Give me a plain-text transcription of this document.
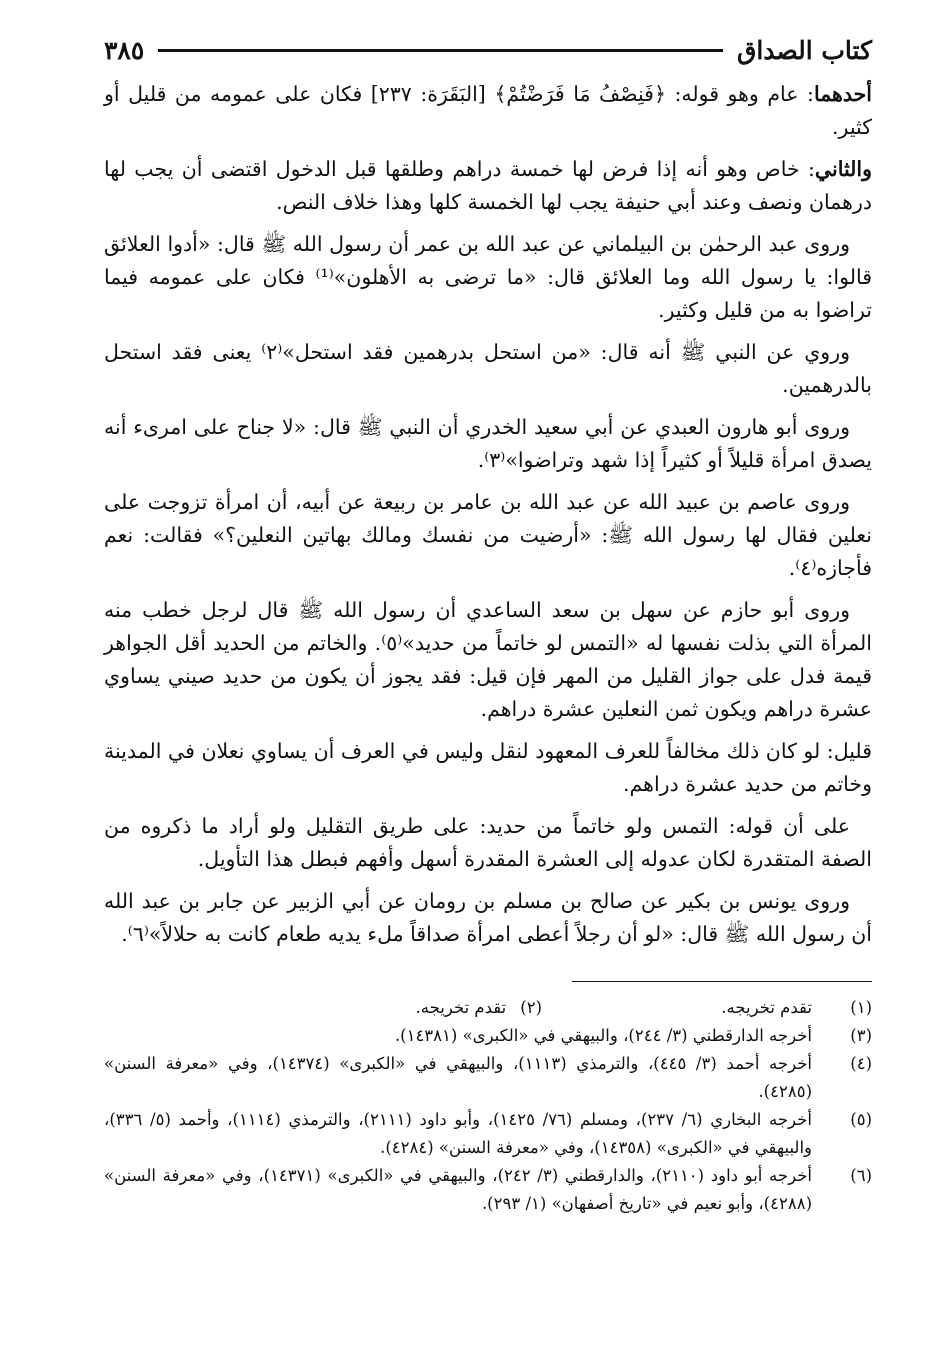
كتاب الصداق
٣٨٥

أحدهما: عام وهو قوله: ﴿فَنِصْفُ مَا فَرَضْتُمْ﴾ [البَقَرَة: ٢٣٧] فكان على عمومه من قليل أو كثير.

والثاني: خاص وهو أنه إذا فرض لها خمسة دراهم وطلقها قبل الدخول اقتضى أن يجب لها درهمان ونصف وعند أبي حنيفة يجب لها الخمسة كلها وهذا خلاف النص.

وروى عبد الرحمٰن بن البيلماني عن عبد الله بن عمر أن رسول الله ﷺ قال: «أدوا العلائق قالوا: يا رسول الله وما العلائق قال: «ما ترضى به الأهلون»⁽¹⁾ فكان على عمومه فيما تراضوا به من قليل وكثير.

وروي عن النبي ﷺ أنه قال: «من استحل بدرهمين فقد استحل»⁽٢⁾ يعنى فقد استحل بالدرهمين.

وروى أبو هارون العبدي عن أبي سعيد الخدري أن النبي ﷺ قال: «لا جناح على امرىء أنه يصدق امرأة قليلاً أو كثيراً إذا شهد وتراضوا»⁽٣⁾.

وروى عاصم بن عبيد الله عن عبد الله بن عامر بن ربيعة عن أبيه، أن امرأة تزوجت على نعلين فقال لها رسول الله ﷺ: «أرضيت من نفسك ومالك بهاتين النعلين؟» فقالت: نعم فأجازه⁽٤⁾.

وروى أبو حازم عن سهل بن سعد الساعدي أن رسول الله ﷺ قال لرجل خطب منه المرأة التي بذلت نفسها له «التمس لو خاتماً من حديد»⁽٥⁾. والخاتم من الحديد أقل الجواهر قيمة فدل على جواز القليل من المهر فإن قيل: فقد يجوز أن يكون من حديد صيني يساوي عشرة دراهم ويكون ثمن النعلين عشرة دراهم.

قليل: لو كان ذلك مخالفاً للعرف المعهود لنقل وليس في العرف أن يساوي نعلان في المدينة وخاتم من حديد عشرة دراهم.

على أن قوله: التمس ولو خاتماً من حديد: على طريق التقليل ولو أراد ما ذكروه من الصفة المتقدرة لكان عدوله إلى العشرة المقدرة أسهل وأفهم فبطل هذا التأويل.

وروى يونس بن بكير عن صالح بن مسلم بن رومان عن أبي الزبير عن جابر بن عبد الله أن رسول الله ﷺ قال: «لو أن رجلاً أعطى امرأة صداقاً ملء يديه طعام كانت به حلالاً»⁽٦⁾.

(١)
تقدم تخريجه.
(٢)
تقدم تخريجه.
(٣)
أخرجه الدارقطني (٣/ ٢٤٤)، والبيهقي في «الكبرى» (١٤٣٨١).
(٤)
أخرجه أحمد (٣/ ٤٤٥)، والترمذي (١١١٣)، والبيهقي في «الكبرى» (١٤٣٧٤)، وفي «معرفة السنن» (٤٢٨٥).
(٥)
أخرجه البخاري (٦/ ٢٣٧)، ومسلم (٧٦/ ١٤٢٥)، وأبو داود (٢١١١)، والترمذي (١١١٤)، وأحمد (٥/ ٣٣٦)، والبيهقي في «الكبرى» (١٤٣٥٨)، وفي «معرفة السنن» (٤٢٨٤).
(٦)
أخرجه أبو داود (٢١١٠)، والدارقطني (٣/ ٢٤٢)، والبيهقي في «الكبرى» (١٤٣٧١)، وفي «معرفة السنن» (٤٢٨٨)، وأبو نعيم في «تاريخ أصفهان» (١/ ٢٩٣).
